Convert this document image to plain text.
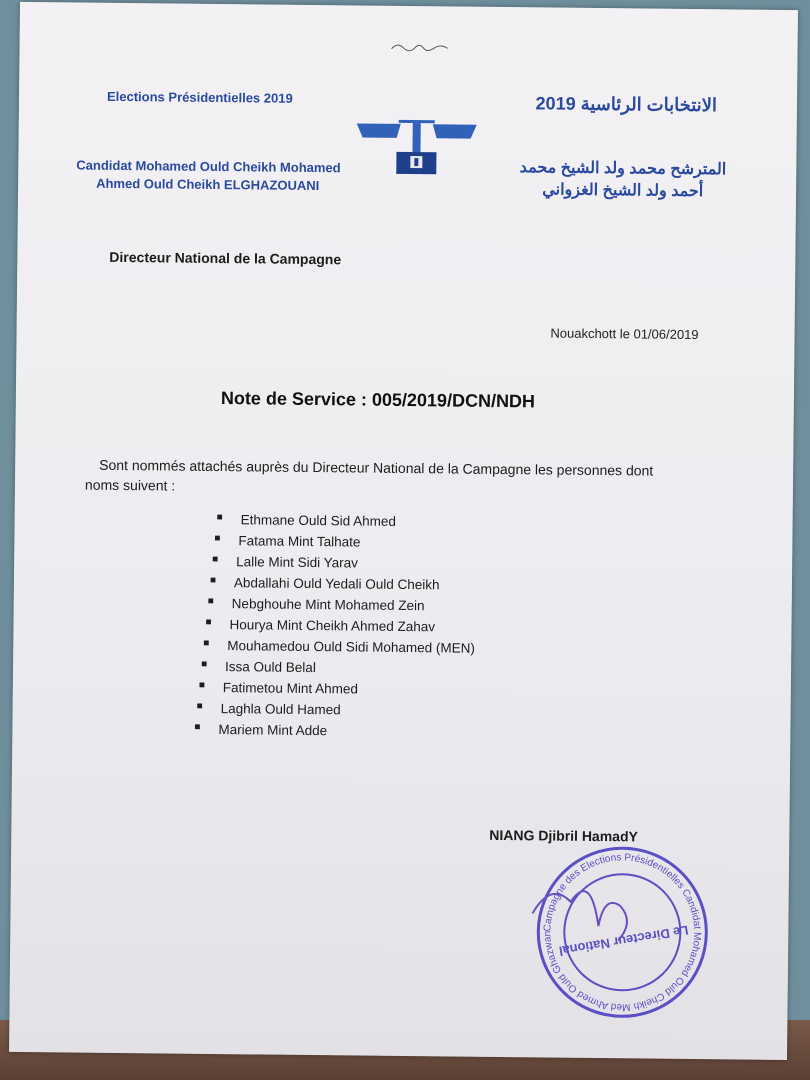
Elections Présidentielles 2019	الانتخابات الرئاسية 2019
Candidat Mohamed Ould Cheikh Mohamed
Ahmed Ould Cheikh ELGHAZOUANI
المترشح محمد ولد الشيخ محمد
أحمد ولد الشيخ الغزواني
Directeur National de la Campagne
Nouakchott le 01/06/2019
Note de Service : 005/2019/DCN/NDH
Sont nommés attachés auprès du Directeur National de la Campagne les personnes dont noms suivent :
■ Ethmane Ould Sid Ahmed
■ Fatama Mint Talhate
■ Lalle Mint Sidi Yarav
■ Abdallahi Ould Yedali Ould Cheikh
■ Nebghouhe Mint Mohamed Zein
■ Hourya Mint Cheikh Ahmed Zahav
■ Mouhamedou Ould Sidi Mohamed (MEN)
■ Issa Ould Belal
■ Fatimetou Mint Ahmed
■ Laghla Ould Hamed
■ Mariem Mint Adde
NIANG Djibril HamadY
Campagne des Elections Présidentielles Candidat Mohamed Ould Cheikh Med Ahmed Ould Ghazwani
Le Directeur National
